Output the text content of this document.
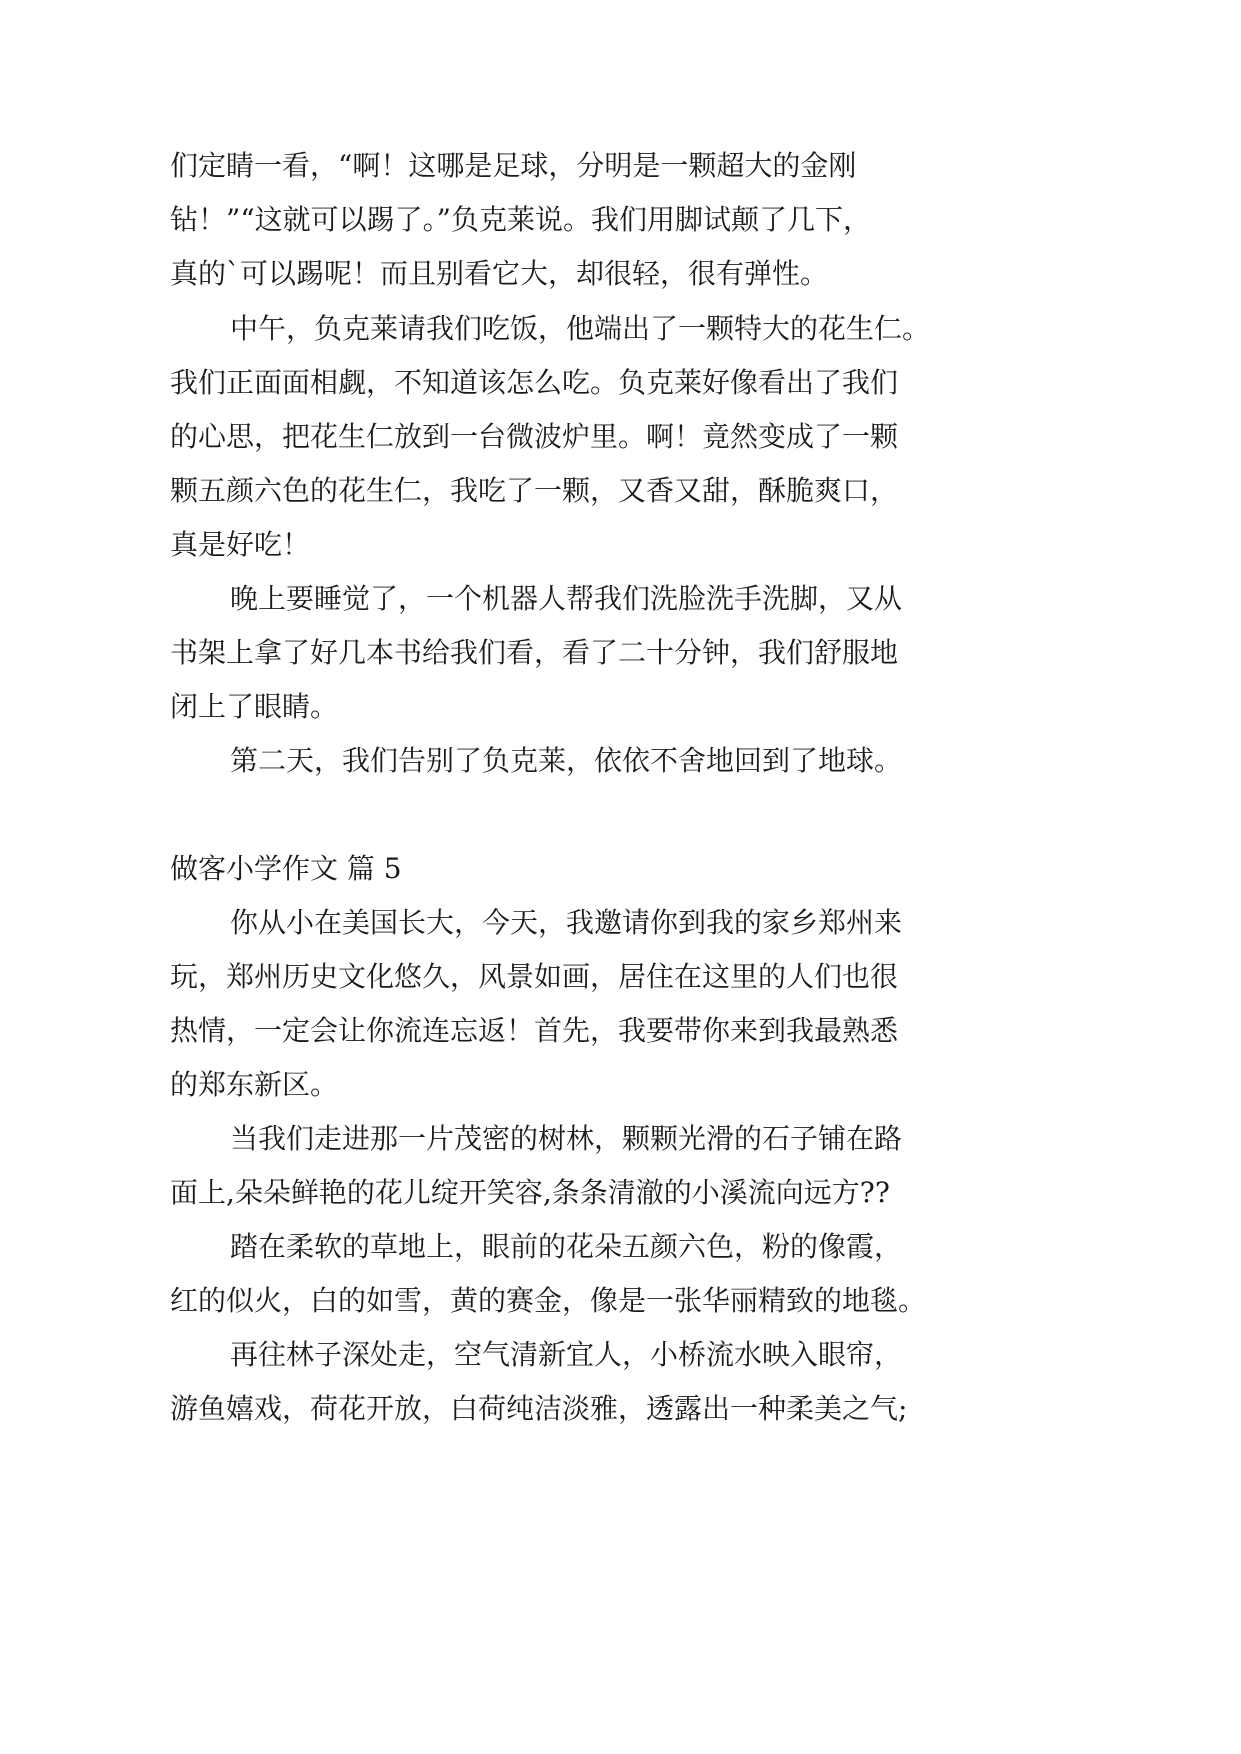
们定睛一看，“啊！这哪是足球，分明是一颗超大的金刚
钻！”“这就可以踢了。”负克莱说。我们用脚试颠了几下，
真的`可以踢呢！而且别看它大，却很轻，很有弹性。
中午，负克莱请我们吃饭，他端出了一颗特大的花生仁。
我们正面面相觑，不知道该怎么吃。负克莱好像看出了我们
的心思，把花生仁放到一台微波炉里。啊！竟然变成了一颗
颗五颜六色的花生仁，我吃了一颗，又香又甜，酥脆爽口，
真是好吃！
晚上要睡觉了，一个机器人帮我们洗脸洗手洗脚，又从
书架上拿了好几本书给我们看，看了二十分钟，我们舒服地
闭上了眼睛。
第二天，我们告别了负克莱，依依不舍地回到了地球。
做客小学作文 篇 5
你从小在美国长大，今天，我邀请你到我的家乡郑州来
玩，郑州历史文化悠久，风景如画，居住在这里的人们也很
热情，一定会让你流连忘返！首先，我要带你来到我最熟悉
的郑东新区。
当我们走进那一片茂密的树林，颗颗光滑的石子铺在路
面上,朵朵鲜艳的花儿绽开笑容,条条清澈的小溪流向远方??
踏在柔软的草地上，眼前的花朵五颜六色，粉的像霞，
红的似火，白的如雪，黄的赛金，像是一张华丽精致的地毯。
再往林子深处走，空气清新宜人，小桥流水映入眼帘，
游鱼嬉戏，荷花开放，白荷纯洁淡雅，透露出一种柔美之气;
